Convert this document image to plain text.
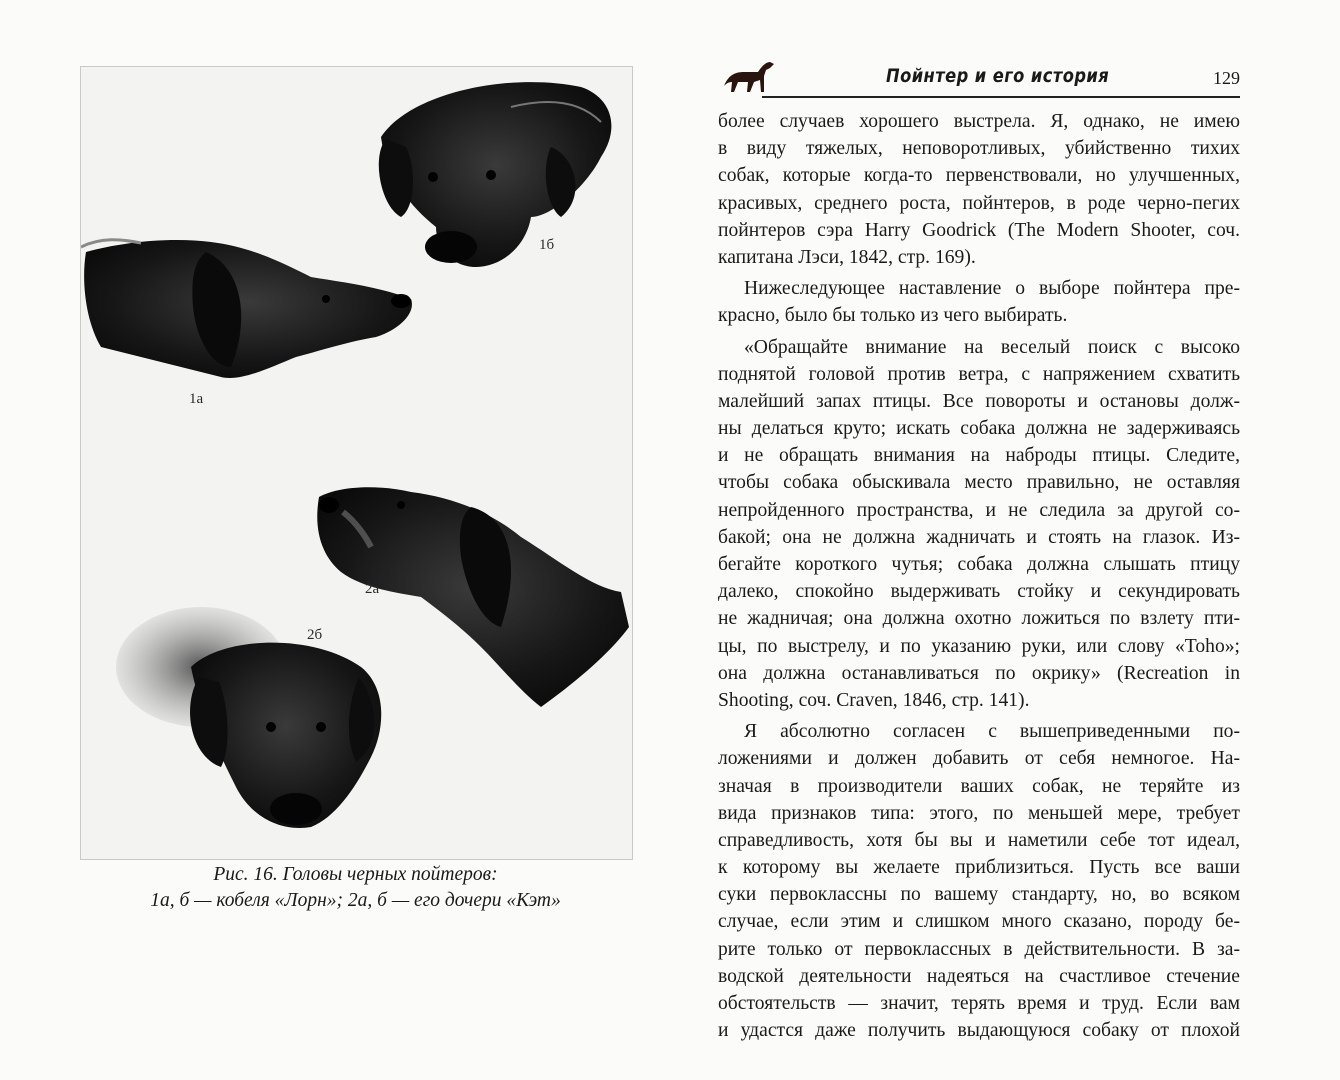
1б
1а
2а
2б
Рис. 16. Головы черных пойтеров:
1а, б — кобеля «Лорн»; 2а, б — его дочери «Кэт»
Пойнтер и его история	129
более случаев хорошего выстрела. Я, однако, не имею
в виду тяжелых, неповоротливых, убийственно тихих
собак, которые когда-то первенствовали, но улучшенных,
красивых, среднего роста, пойнтеров, в роде черно-пегих
пойнтеров сэра Harry Goodrick (The Modern Shooter, соч.
капитана Лэси, 1842, стр. 169).
Нижеследующее наставление о выборе пойнтера пре-
красно, было бы только из чего выбирать.
«Обращайте внимание на веселый поиск с высоко
поднятой головой против ветра, с напряжением схватить
малейший запах птицы. Все повороты и остановы долж-
ны делаться круто; искать собака должна не задерживаясь
и не обращать внимания на наброды птицы. Следите,
чтобы собака обыскивала место правильно, не оставляя
непройденного пространства, и не следила за другой со-
бакой; она не должна жадничать и стоять на глазок. Из-
бегайте короткого чутья; собака должна слышать птицу
далеко, спокойно выдерживать стойку и секундировать
не жадничая; она должна охотно ложиться по взлету пти-
цы, по выстрелу, и по указанию руки, или слову «Toho»;
она должна останавливаться по окрику» (Recreation in
Shooting, соч. Craven, 1846, стр. 141).
Я абсолютно согласен с вышеприведенными по-
ложениями и должен добавить от себя немногое. На-
значая в производители ваших собак, не теряйте из
вида признаков типа: этого, по меньшей мере, требует
справедливость, хотя бы вы и наметили себе тот идеал,
к которому вы желаете приблизиться. Пусть все ваши
суки первоклассны по вашему стандарту, но, во всяком
случае, если этим и слишком много сказано, породу бе-
рите только от первоклассных в действительности. В за-
водской деятельности надеяться на счастливое стечение
обстоятельств — значит, терять время и труд. Если вам
и удастся даже получить выдающуюся собаку от плохой
